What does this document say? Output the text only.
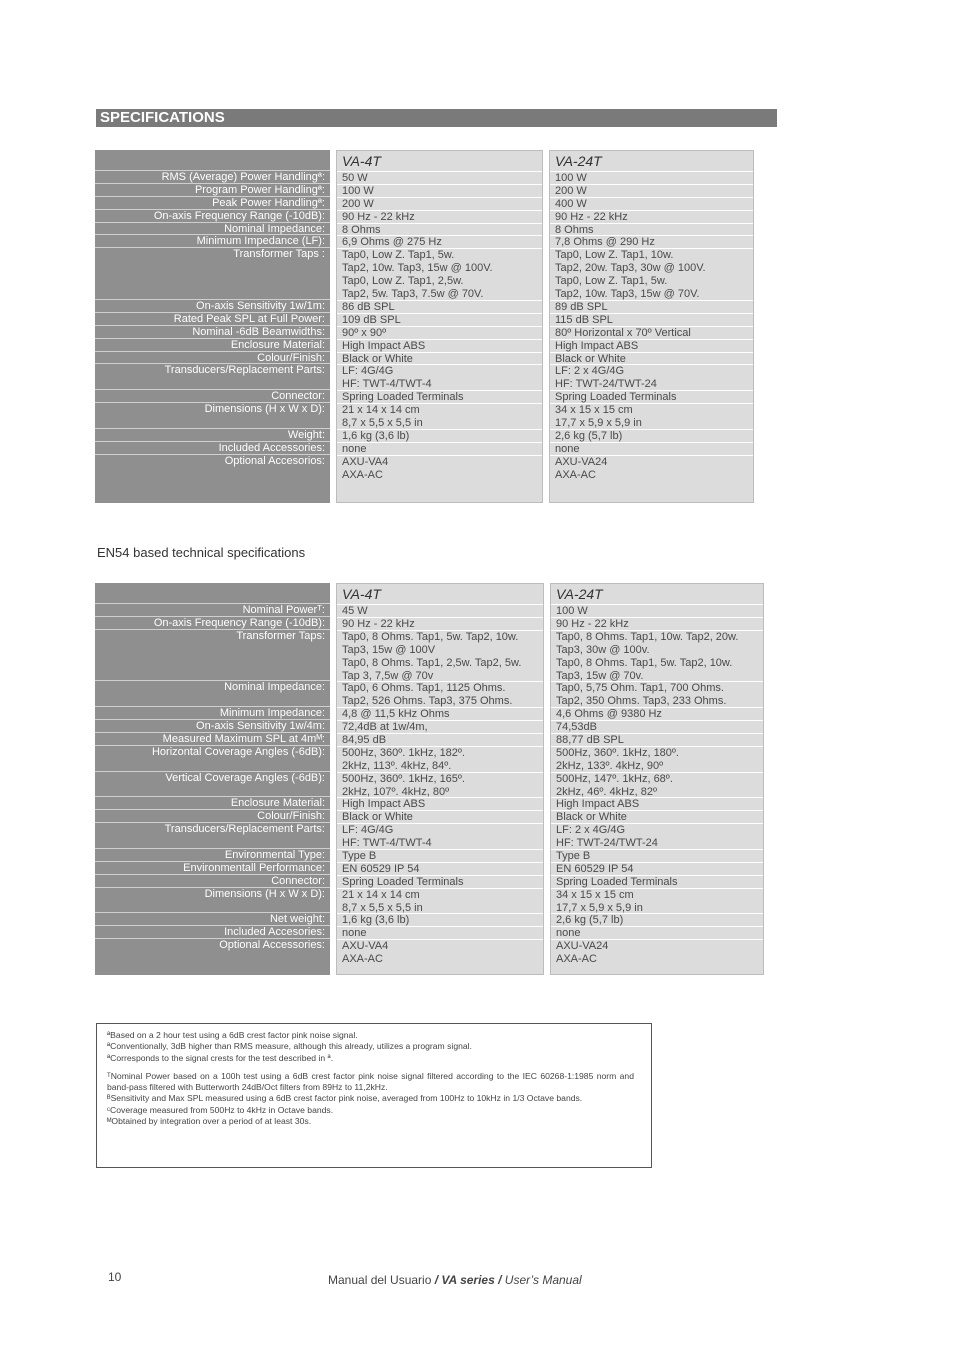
SPECIFICATIONS
RMS (Average) Power Handlingª:
Program Power Handlingª:
Peak Power Handlingª:
On-axis Frequency Range (-10dB):
Nominal Impedance:
Minimum Impedance (LF):
Transformer Taps :
On-axis Sensitivity 1w/1m:
Rated Peak SPL at Full Power:
Nominal -6dB Beamwidths:
Enclosure Material:
Colour/Finish:
Transducers/Replacement Parts:
Connector:
Dimensions (H x W x D):
Weight:
Included Accessories:
Optional Accesorios:
VA-4T
50 W
100 W
200 W
90 Hz - 22 kHz
8 Ohms
6,9 Ohms @ 275 Hz
Tap0, Low Z. Tap1, 5w.
Tap2, 10w. Tap3, 15w @ 100V.
Tap0, Low Z. Tap1, 2,5w.
Tap2, 5w. Tap3, 7.5w @ 70V.
86 dB SPL
109 dB SPL
90º x 90º
High Impact ABS
Black or White
LF: 4G/4G
HF: TWT-4/TWT-4
Spring Loaded Terminals
21 x 14 x 14 cm
8,7 x 5,5 x 5,5 in
1,6 kg (3,6 lb)
none
AXU-VA4
AXA-AC
VA-24T
100 W
200 W
400 W
90 Hz - 22 kHz
8 Ohms
7,8 Ohms @ 290 Hz
Tap0, Low Z. Tap1, 10w.
Tap2, 20w. Tap3, 30w @ 100V.
Tap0, Low Z. Tap1, 5w.
Tap2, 10w. Tap3, 15w @ 70V.
89 dB SPL
115 dB SPL
80º Horizontal x 70º Vertical
High Impact ABS
Black or White
LF: 2 x 4G/4G
HF: TWT-24/TWT-24
Spring Loaded Terminals
34 x 15 x 15 cm
17,7 x 5,9 x 5,9 in
2,6 kg (5,7 lb)
none
AXU-VA24
AXA-AC
EN54 based technical specifications
Nominal Powerᵀ:
On-axis Frequency Range (-10dB):
Transformer Taps:
Nominal Impedance:
Minimum Impedance:
On-axis Sensitivity 1w/4m:
Measured Maximum SPL at 4mᴹ:
Horizontal Coverage Angles (-6dB):
Vertical Coverage Angles (-6dB):
Enclosure Material:
Colour/Finish:
Transducers/Replacement Parts:
Environmental Type:
Environmentall Performance:
Connector:
Dimensions (H x W x D):
Net weight:
Included Accesories:
Optional Accessories:
VA-4T
45 W
90 Hz - 22 kHz
Tap0, 8 Ohms. Tap1, 5w. Tap2, 10w.
Tap3, 15w @ 100V
Tap0, 8 Ohms. Tap1, 2,5w. Tap2, 5w.
Tap 3, 7,5w @ 70v
Tap0, 6 Ohms. Tap1, 1125 Ohms.
Tap2, 526 Ohms. Tap3, 375 Ohms.
4,8 @ 11,5 kHz Ohms
72,4dB at 1w/4m,
84,95 dB
500Hz, 360º. 1kHz, 182º.
2kHz, 113º. 4kHz, 84º.
500Hz, 360º. 1kHz, 165º.
2kHz, 107º. 4kHz, 80º
High Impact ABS
Black or White
LF: 4G/4G
HF: TWT-4/TWT-4
Type B
EN 60529 IP 54
Spring Loaded Terminals
21 x 14 x 14 cm
8,7 x 5,5 x 5,5 in
1,6 kg (3,6 lb)
none
AXU-VA4
AXA-AC
VA-24T
100 W
90 Hz - 22 kHz
Tap0, 8 Ohms. Tap1, 10w. Tap2, 20w.
Tap3, 30w @ 100v.
Tap0, 8 Ohms. Tap1, 5w. Tap2, 10w.
Tap3, 15w @ 70v.
Tap0, 5,75 Ohm. Tap1, 700 Ohms.
Tap2, 350 Ohms. Tap3, 233 Ohms.
4,6 Ohms @ 9380 Hz
74,53dB
88,77 dB SPL
500Hz, 360º. 1kHz, 180º.
2kHz, 133º. 4kHz, 90º
500Hz, 147º. 1kHz, 68º.
2kHz, 46º. 4kHz, 82º
High Impact ABS
Black or White
LF: 2 x 4G/4G
HF: TWT-24/TWT-24
Type B
EN 60529 IP 54
Spring Loaded Terminals
34 x 15 x 15 cm
17,7 x 5,9 x 5,9 in
2,6 kg (5,7 lb)
none
AXU-VA24
AXA-AC

ªBased on a 2 hour test using a 6dB crest factor pink noise signal.

ªConventionally, 3dB higher than RMS measure, although this already, utilizes a program signal.

ªCorresponds to the signal crests for the test described in ª.

ᵀNominal Power based on a 100h test using a 6dB crest factor pink noise signal filtered according to the IEC 60268-1:1985 norm and band-pass filtered with Butterworth 24dB/Oct filters from 89Hz to 11,2kHz.

ᴮSensitivity and Max SPL measured using a 6dB crest factor pink noise, averaged from 100Hz to 10kHz in 1/3 Octave bands.

ᶜCoverage measured from 500Hz to 4kHz in Octave bands.

ᴹObtained by integration over a period of at least 30s.

10	Manual del Usuario / VA series / User’s Manual
